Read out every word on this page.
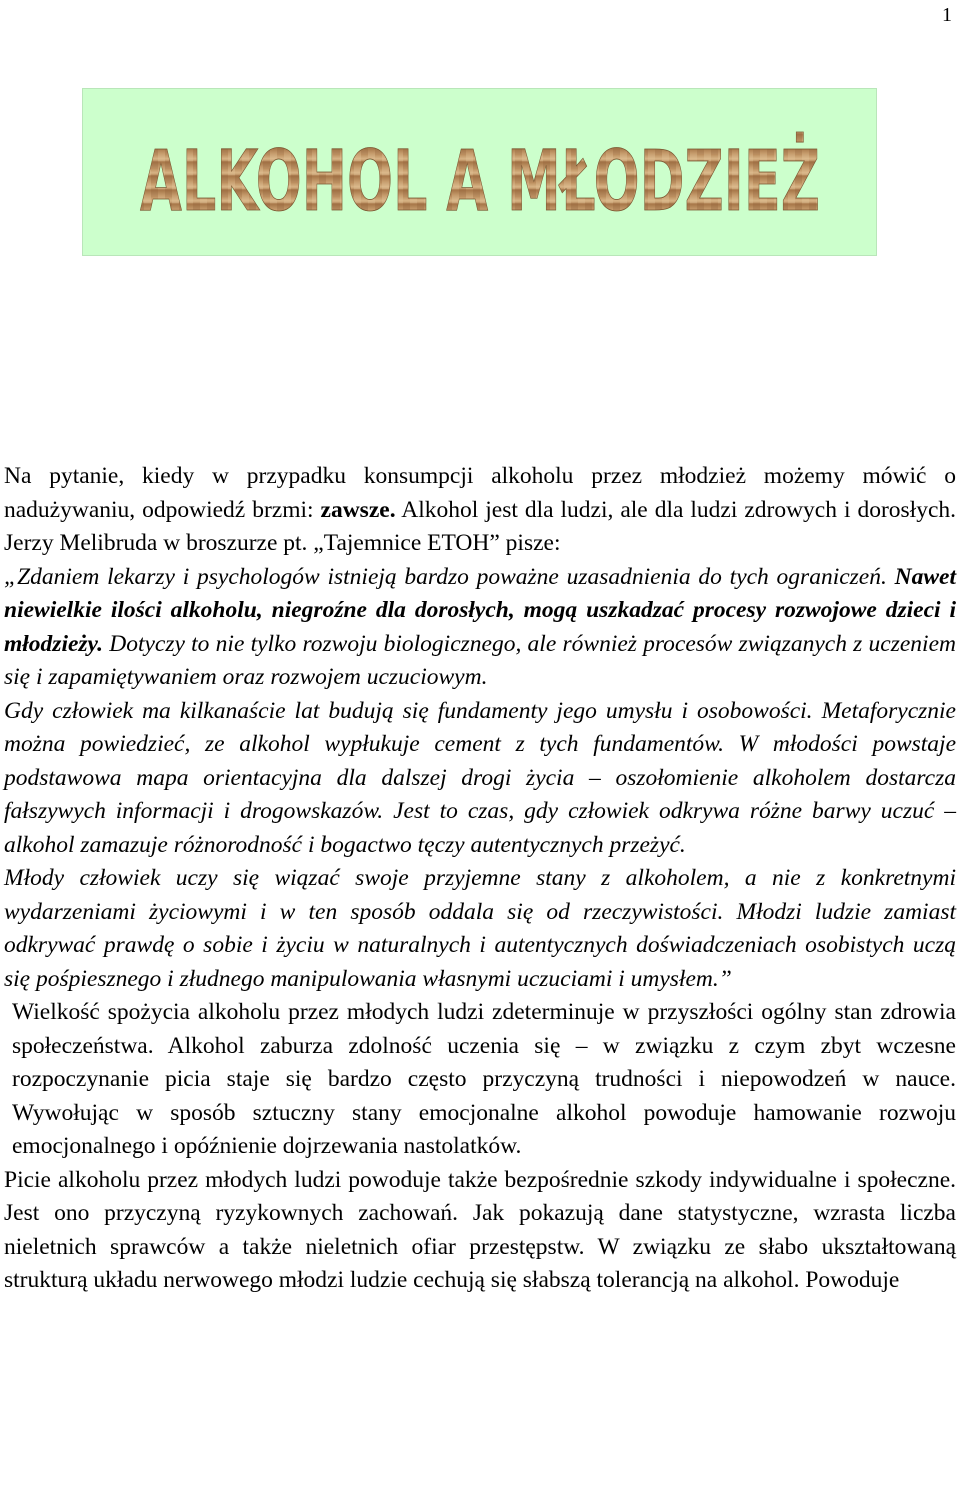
1
ALKOHOL A MŁODZIEŻ

Na pytanie, kiedy w przypadku konsumpcji alkoholu przez młodzież możemy mówić o nadużywaniu, odpowiedź brzmi: zawsze. Alkohol jest dla ludzi, ale dla ludzi zdrowych i dorosłych. Jerzy Melibruda w broszurze pt. „Tajemnice ETOH” pisze:

„Zdaniem lekarzy i psychologów istnieją bardzo poważne uzasadnienia do tych ograniczeń. Nawet niewielkie ilości alkoholu, niegroźne dla dorosłych, mogą uszkadzać procesy rozwojowe dzieci i młodzieży. Dotyczy to nie tylko rozwoju biologicznego, ale również procesów związanych z uczeniem się i zapamiętywaniem oraz rozwojem uczuciowym.

Gdy człowiek ma kilkanaście lat budują się fundamenty jego umysłu i osobowości. Metaforycznie można powiedzieć, ze alkohol wypłukuje cement z tych fundamentów. W młodości powstaje podstawowa mapa orientacyjna dla dalszej drogi życia – oszołomienie alkoholem dostarcza fałszywych informacji i drogowskazów. Jest to czas, gdy człowiek odkrywa różne barwy uczuć – alkohol zamazuje różnorodność i bogactwo tęczy autentycznych przeżyć.

Młody człowiek uczy się wiązać swoje przyjemne stany z alkoholem, a nie z konkretnymi wydarzeniami życiowymi i w ten sposób oddala się od rzeczywistości. Młodzi ludzie zamiast odkrywać prawdę o sobie i życiu w naturalnych i autentycznych doświadczeniach osobistych uczą się pośpiesznego i złudnego manipulowania własnymi uczuciami i umysłem.”

Wielkość spożycia alkoholu przez młodych ludzi zdeterminuje w przyszłości ogólny stan zdrowia społeczeństwa. Alkohol zaburza zdolność uczenia się – w związku z czym zbyt wczesne rozpoczynanie picia staje się bardzo często przyczyną trudności i niepowodzeń w nauce. Wywołując w sposób sztuczny stany emocjonalne alkohol powoduje hamowanie rozwoju emocjonalnego i opóźnienie dojrzewania nastolatków.

Picie alkoholu przez młodych ludzi powoduje także bezpośrednie szkody indywidualne i społeczne. Jest ono przyczyną ryzykownych zachowań. Jak pokazują dane statystyczne, wzrasta liczba nieletnich sprawców a także nieletnich ofiar przestępstw. W związku ze słabo ukształtowaną strukturą układu nerwowego młodzi ludzie cechują się słabszą tolerancją na alkohol. Powoduje
